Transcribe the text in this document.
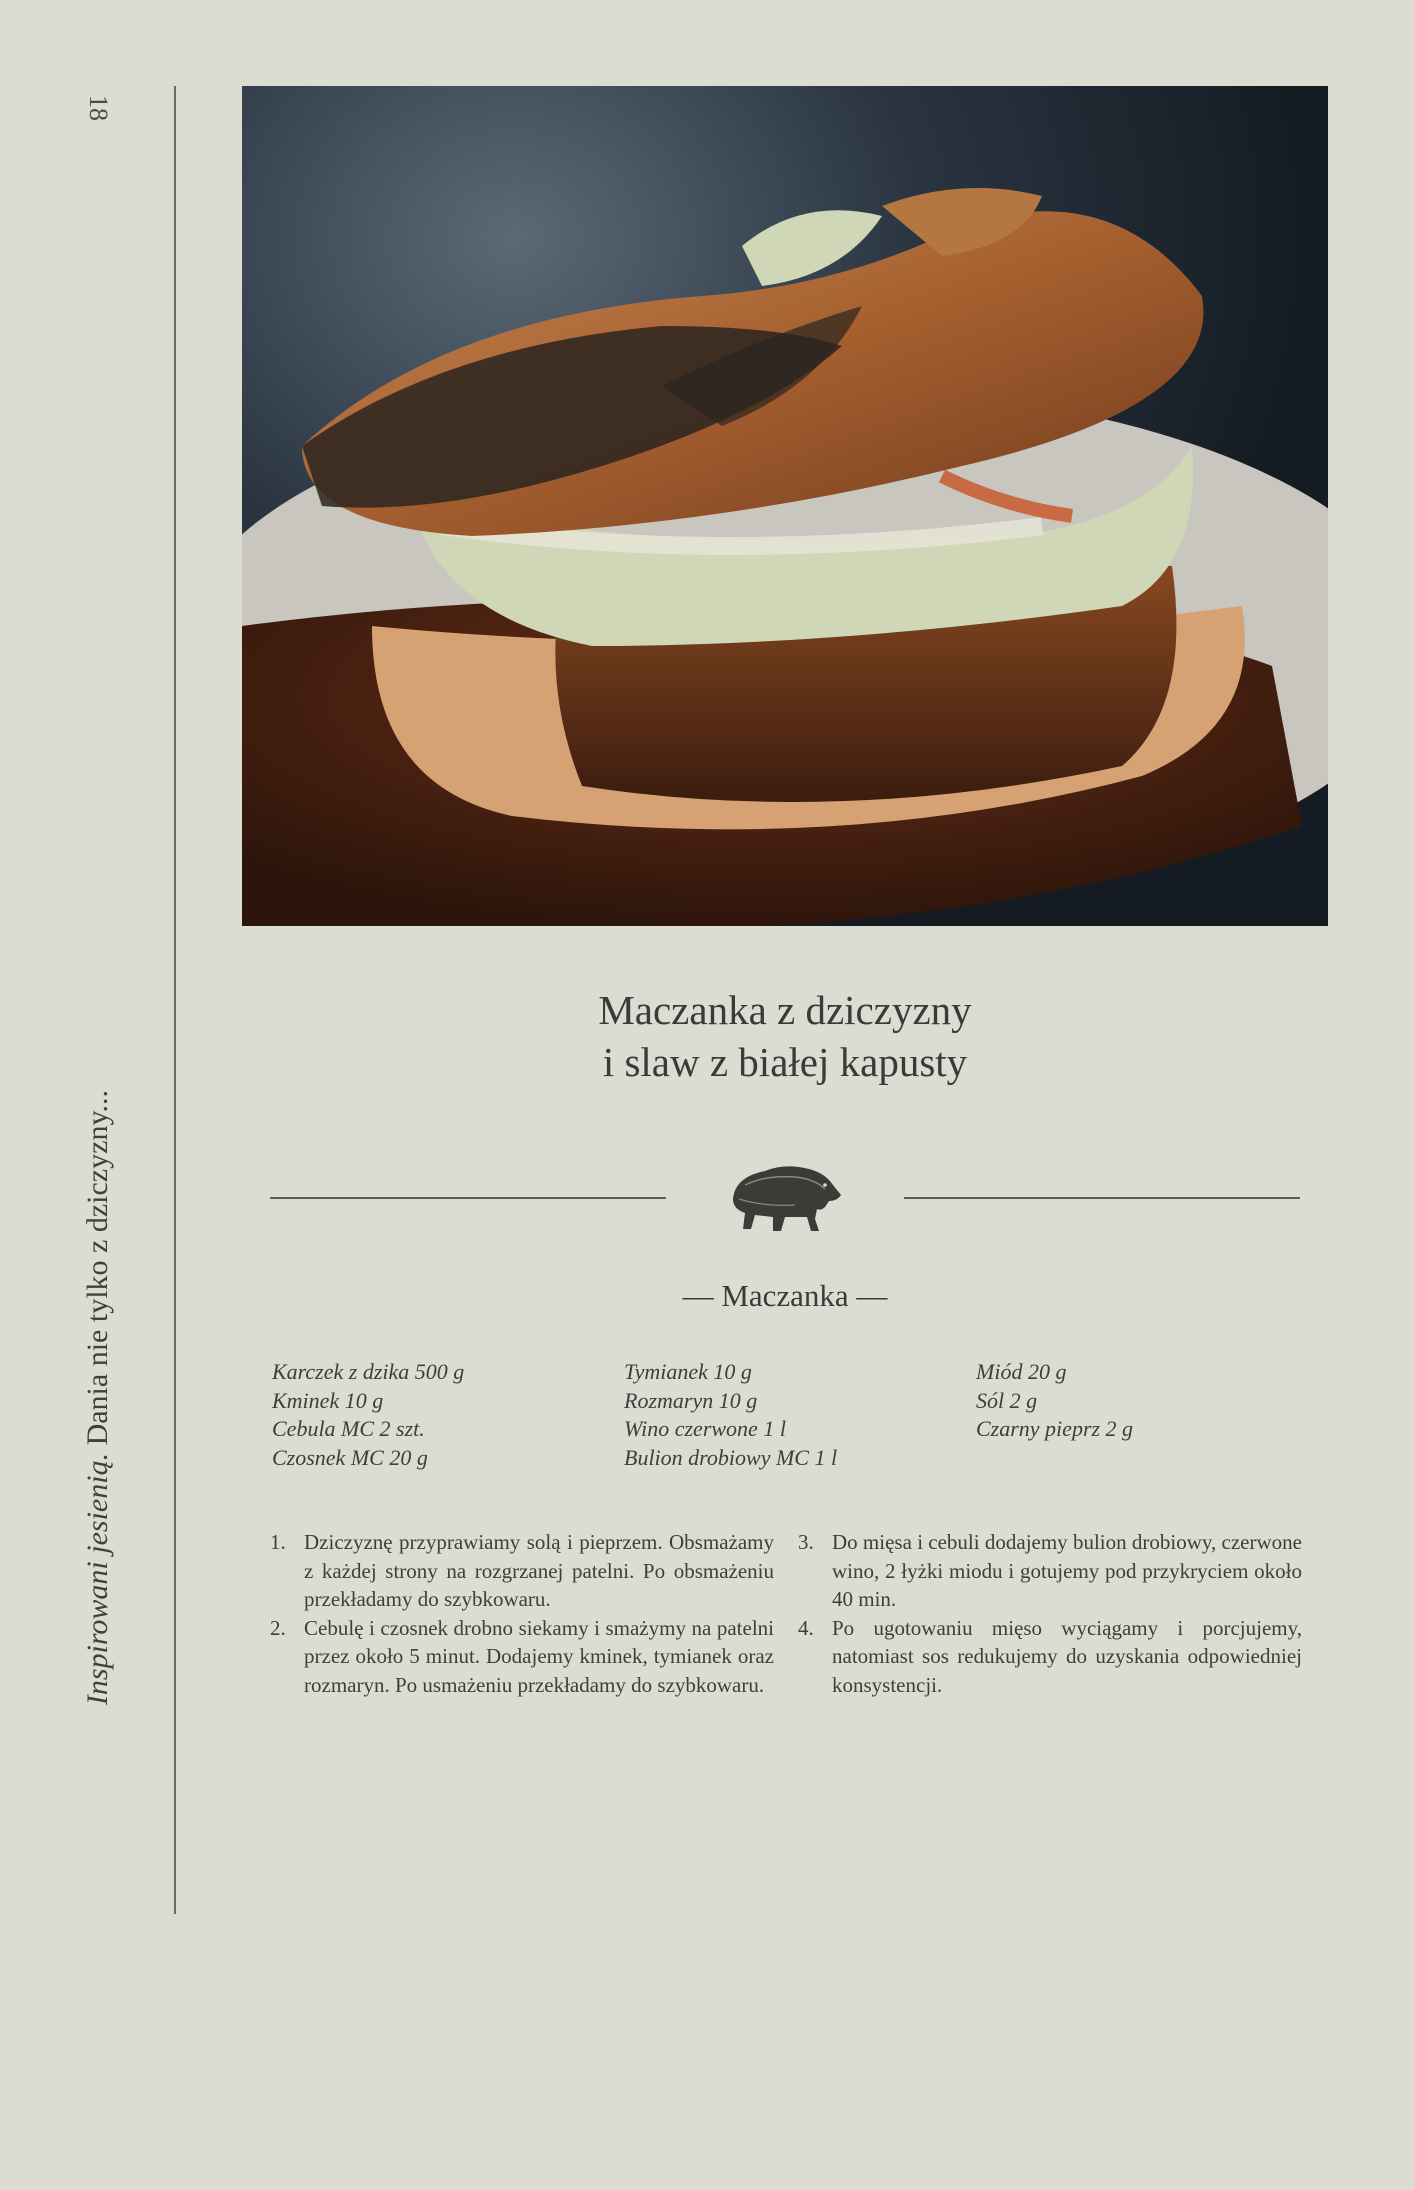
18
Inspirowani jesienią. Dania nie tylko z dziczyzny...
Maczanka z dziczyzny
i slaw z białej kapusty
— Maczanka —
Karczek z dzika 500 g
Kminek 10 g
Cebula MC 2 szt.
Czosnek MC 20 g
Tymianek 10 g
Rozmaryn 10 g
Wino czerwone 1 l
Bulion drobiowy MC 1 l
Miód 20 g
Sól 2 g
Czarny pieprz 2 g
1. Dziczyznę przyprawiamy solą i pieprzem. Obsmażamy z każdej strony na rozgrzanej patelni. Po obsmażeniu przekładamy do szybkowaru.
2. Cebulę i czosnek drobno siekamy i smażymy na patelni przez około 5 minut. Dodajemy kminek, tymianek oraz rozmaryn. Po usmażeniu przekładamy do szybkowaru.
3. Do mięsa i cebuli dodajemy bulion drobiowy, czerwone wino, 2 łyżki miodu i gotujemy pod przykryciem około 40 min.
4. Po ugotowaniu mięso wyciągamy i porcjujemy, natomiast sos redukujemy do uzyskania odpowiedniej konsystencji.
